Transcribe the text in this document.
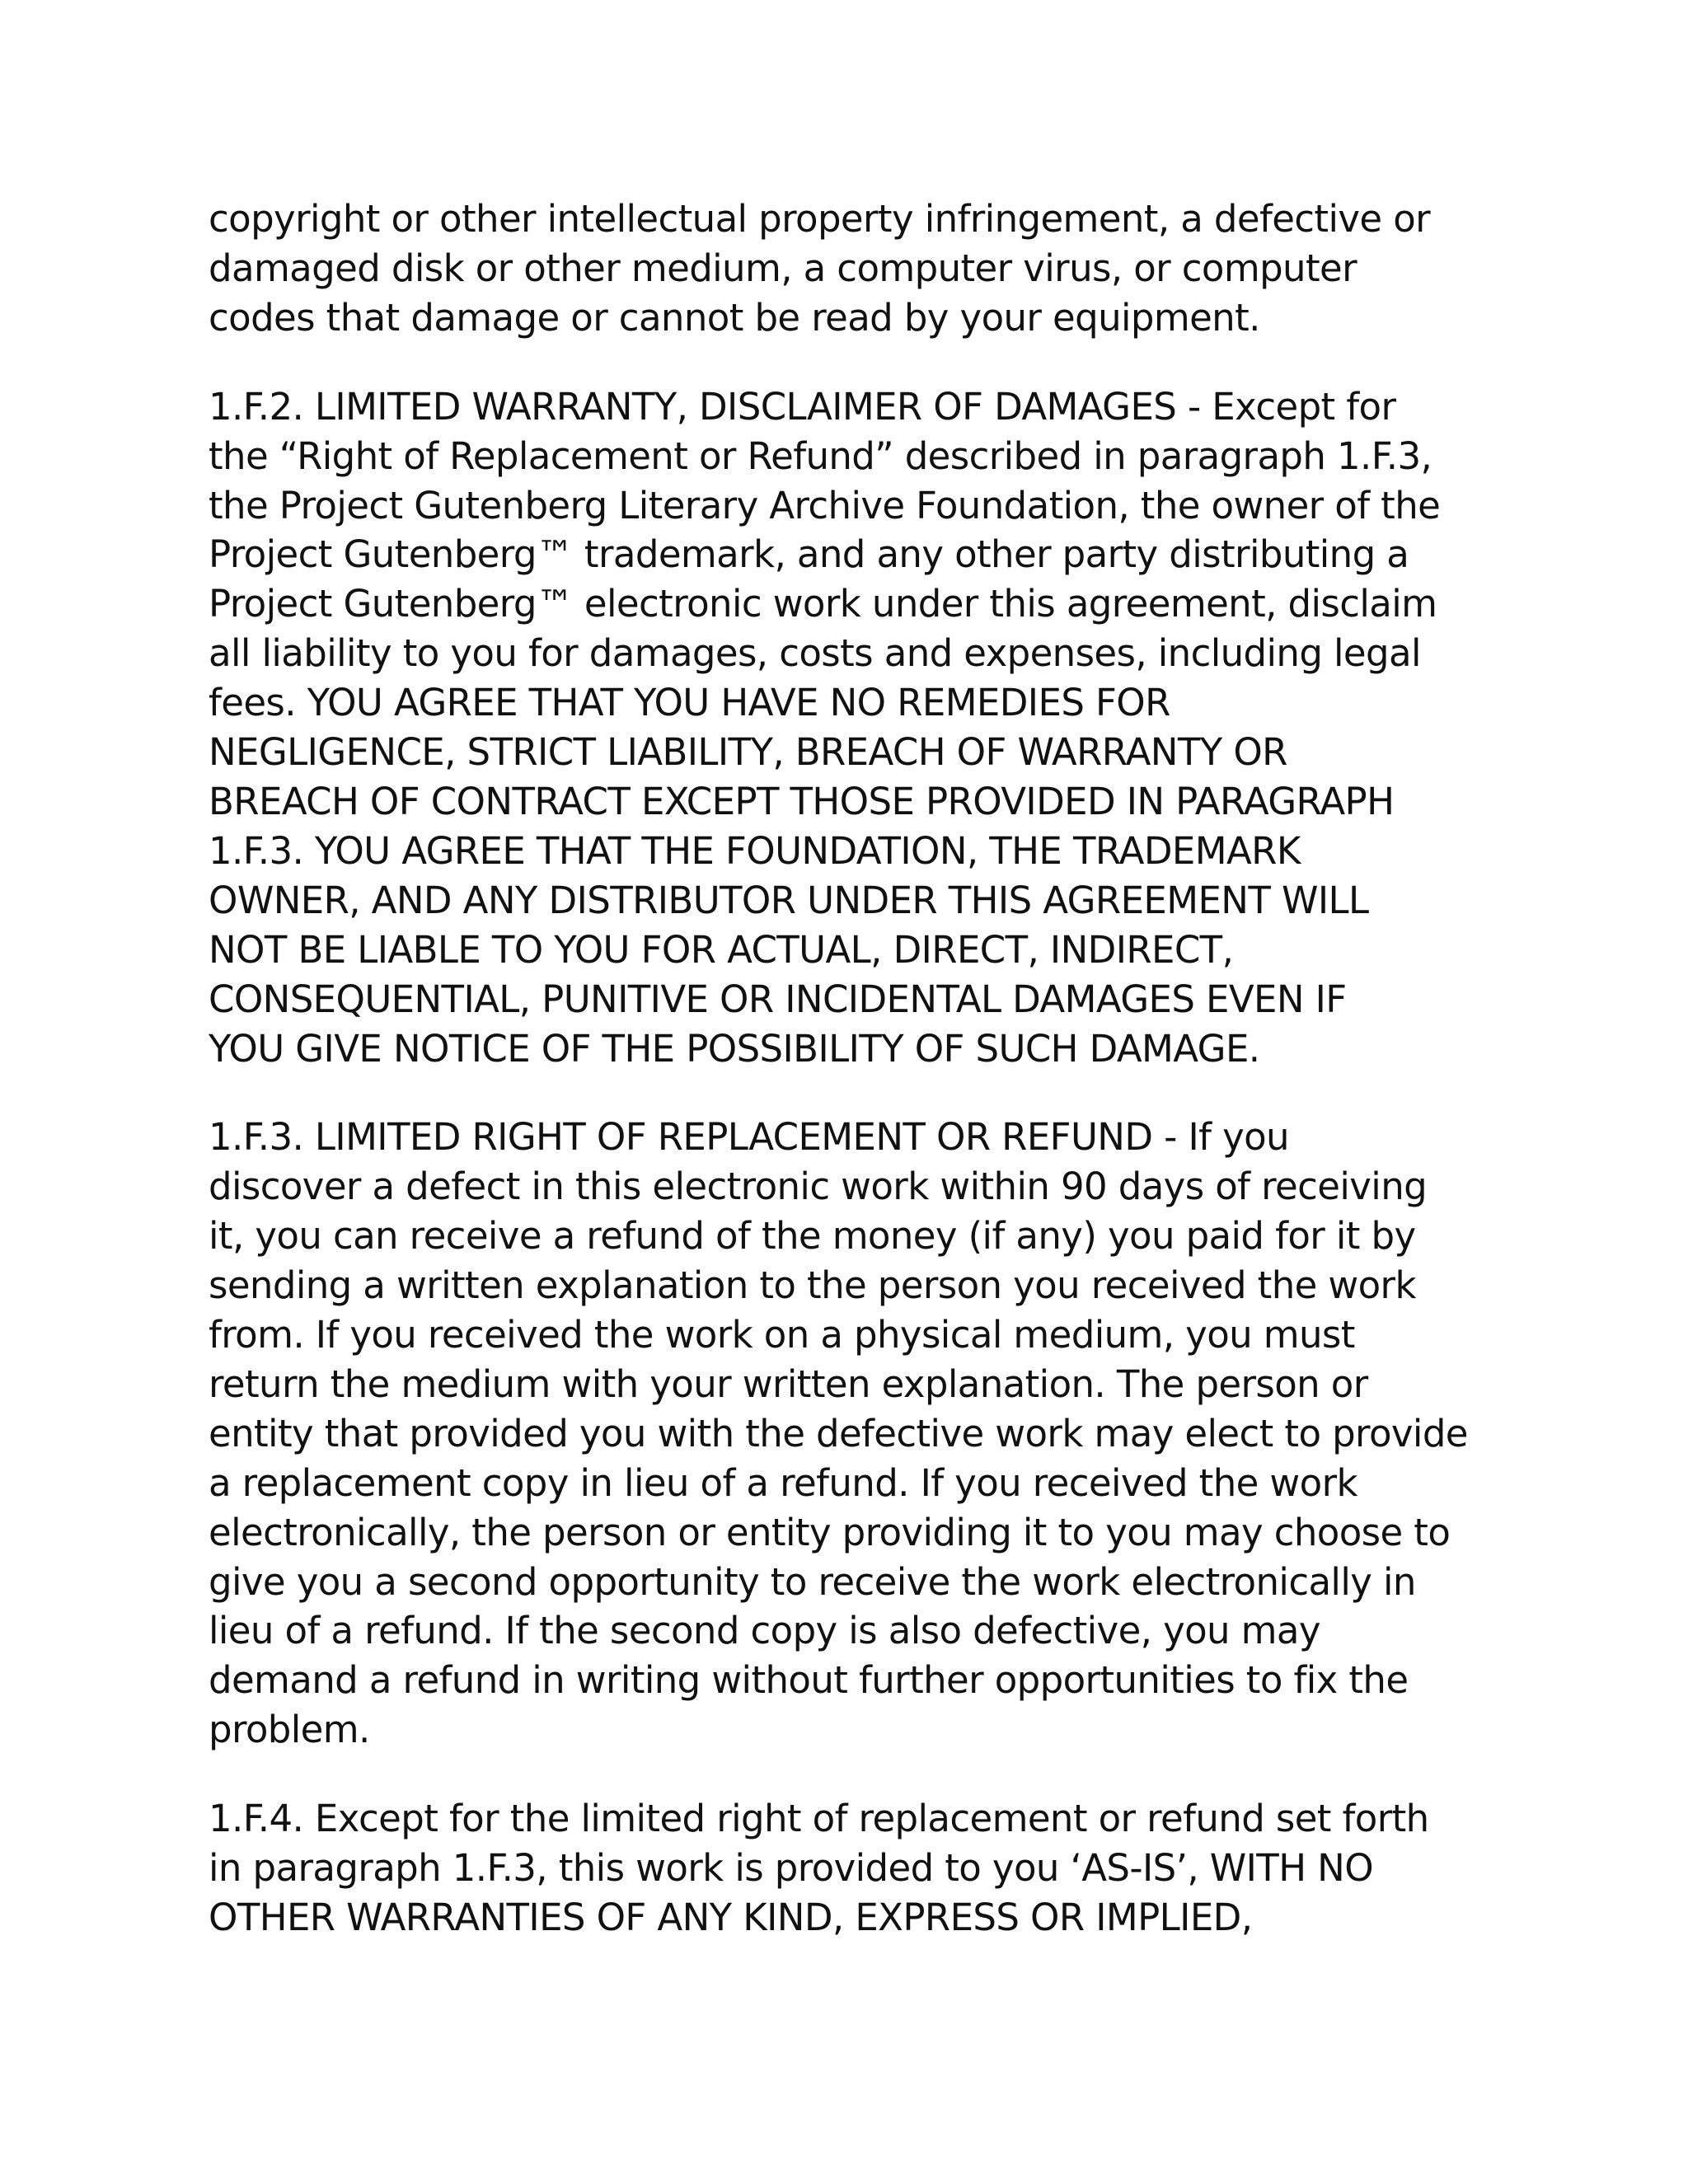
copyright or other intellectual property infringement, a defective or
damaged disk or other medium, a computer virus, or computer
codes that damage or cannot be read by your equipment.

1.F.2. LIMITED WARRANTY, DISCLAIMER OF DAMAGES - Except for
the “Right of Replacement or Refund” described in paragraph 1.F.3,
the Project Gutenberg Literary Archive Foundation, the owner of the
Project Gutenberg™ trademark, and any other party distributing a
Project Gutenberg™ electronic work under this agreement, disclaim
all liability to you for damages, costs and expenses, including legal
fees. YOU AGREE THAT YOU HAVE NO REMEDIES FOR
NEGLIGENCE, STRICT LIABILITY, BREACH OF WARRANTY OR
BREACH OF CONTRACT EXCEPT THOSE PROVIDED IN PARAGRAPH
1.F.3. YOU AGREE THAT THE FOUNDATION, THE TRADEMARK
OWNER, AND ANY DISTRIBUTOR UNDER THIS AGREEMENT WILL
NOT BE LIABLE TO YOU FOR ACTUAL, DIRECT, INDIRECT,
CONSEQUENTIAL, PUNITIVE OR INCIDENTAL DAMAGES EVEN IF
YOU GIVE NOTICE OF THE POSSIBILITY OF SUCH DAMAGE.

1.F.3. LIMITED RIGHT OF REPLACEMENT OR REFUND - If you
discover a defect in this electronic work within 90 days of receiving
it, you can receive a refund of the money (if any) you paid for it by
sending a written explanation to the person you received the work
from. If you received the work on a physical medium, you must
return the medium with your written explanation. The person or
entity that provided you with the defective work may elect to provide
a replacement copy in lieu of a refund. If you received the work
electronically, the person or entity providing it to you may choose to
give you a second opportunity to receive the work electronically in
lieu of a refund. If the second copy is also defective, you may
demand a refund in writing without further opportunities to fix the
problem.

1.F.4. Except for the limited right of replacement or refund set forth
in paragraph 1.F.3, this work is provided to you ‘AS-IS’, WITH NO
OTHER WARRANTIES OF ANY KIND, EXPRESS OR IMPLIED,
